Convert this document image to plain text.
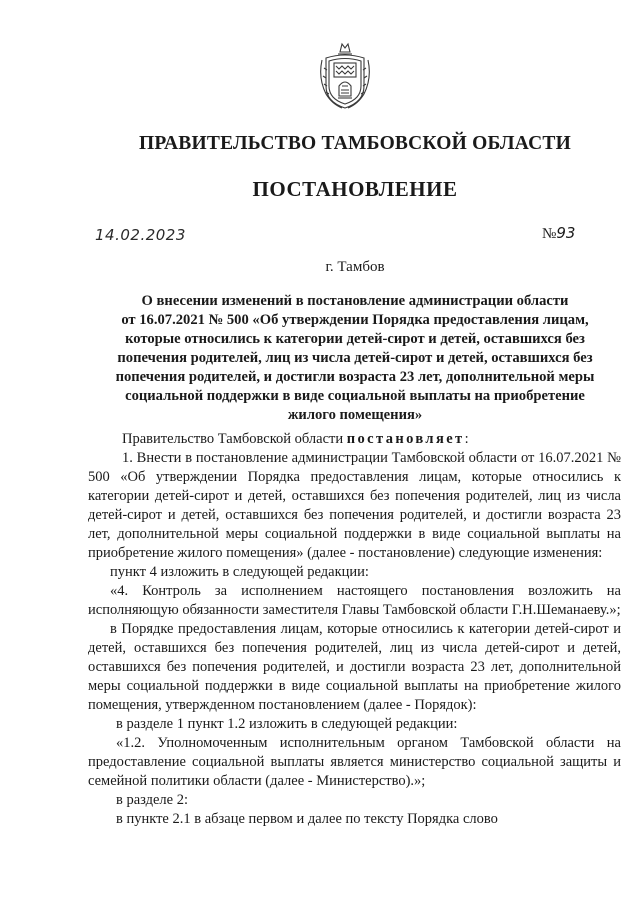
ПРАВИТЕЛЬСТВО ТАМБОВСКОЙ ОБЛАСТИ
ПОСТАНОВЛЕНИЕ
14.02.2023	№93
г. Тамбов

О внесении изменений в постановление администрации области
от 16.07.2021 № 500 «Об утверждении Порядка предоставления лицам,
которые относились к категории детей-сирот и детей, оставшихся без
попечения родителей, лиц из числа детей-сирот и детей, оставшихся без
попечения родителей, и достигли возраста 23 лет, дополнительной меры
социальной поддержки в виде социальной выплаты на приобретение
жилого помещения»

Правительство Тамбовской области постановляет:

1. Внести в постановление администрации Тамбовской области от 16.07.2021 № 500 «Об утверждении Порядка предоставления лицам, которые относились к категории детей-сирот и детей, оставшихся без попечения родителей, лиц из числа детей-сирот и детей, оставшихся без попечения родителей, и достигли возраста 23 лет, дополнительной меры социальной поддержки в виде социальной выплаты на приобретение жилого помещения» (далее - постановление) следующие изменения:

пункт 4 изложить в следующей редакции:

«4. Контроль за исполнением настоящего постановления возложить на исполняющую обязанности заместителя Главы Тамбовской области Г.Н.Шеманаеву.»;

в Порядке предоставления лицам, которые относились к категории детей-сирот и детей, оставшихся без попечения родителей, лиц из числа детей-сирот и детей, оставшихся без попечения родителей, и достигли возраста 23 лет, дополнительной меры социальной поддержки в виде социальной выплаты на приобретение жилого помещения, утвержденном постановлением (далее - Порядок):

в разделе 1 пункт 1.2 изложить в следующей редакции:

«1.2. Уполномоченным исполнительным органом Тамбовской области на предоставление социальной выплаты является министерство социальной защиты и семейной политики области (далее - Министерство).»;

в разделе 2:

в пункте 2.1 в абзаце первом и далее по тексту Порядка слово
